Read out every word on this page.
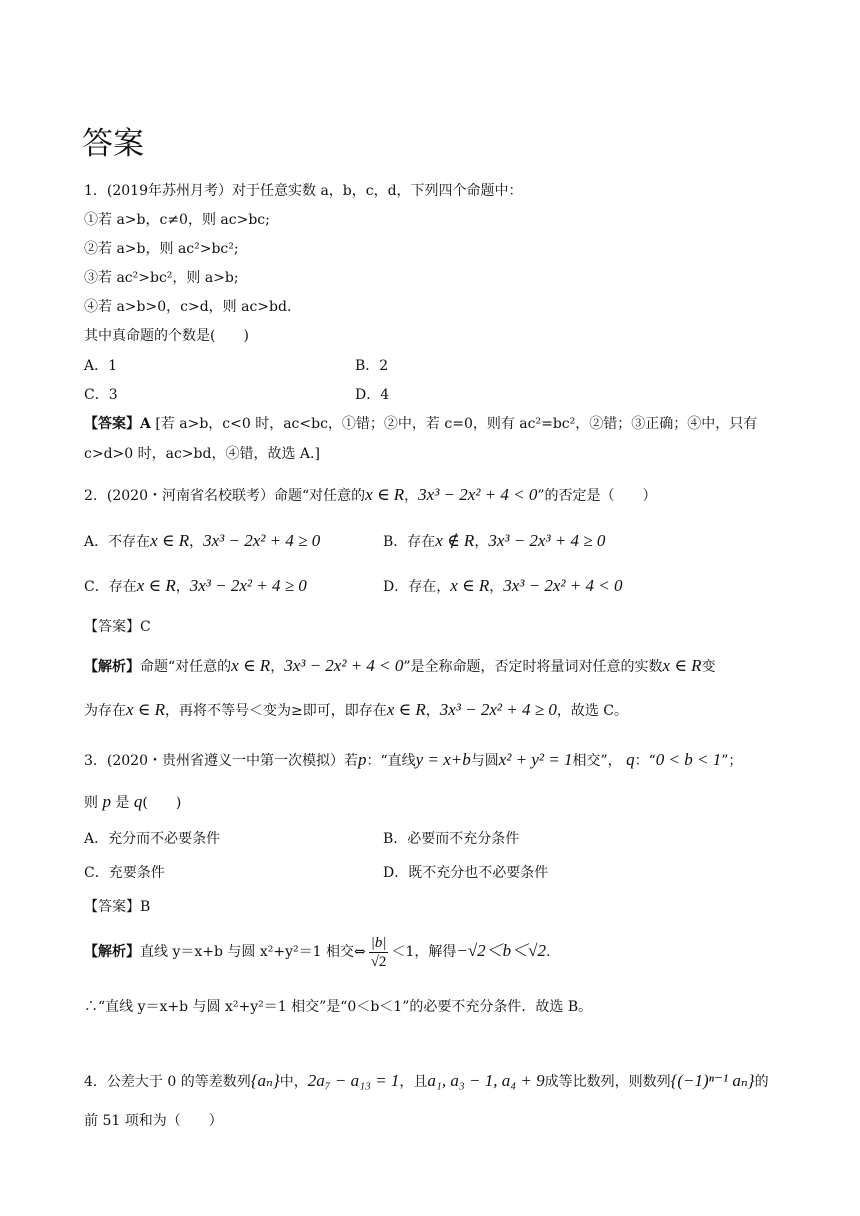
答案
1．(2019年苏州月考）对于任意实数 a，b，c，d，下列四个命题中：
①若 a>b，c≠0，则 ac>bc;
②若 a>b，则 ac²>bc²;
③若 ac²>bc²，则 a>b;
④若 a>b>0，c>d，则 ac>bd.
其中真命题的个数是(　　)
A．1	B．2
C．3	D．4
【答案】A [若 a>b，c<0 时，ac<bc，①错；②中，若 c=0，则有 ac²=bc²，②错；③正确；④中，只有
c>d>0 时，ac>bd，④错，故选 A.]
2．(2020・河南省名校联考）命题“对任意的x ∈ R，3x³ − 2x² + 4 < 0”的否定是（　　）
A．不存在x ∈ R，3x³ − 2x² + 4 ≥ 0	B．存在x ∉ R，3x³ − 2x³ + 4 ≥ 0
C．存在x ∈ R，3x³ − 2x² + 4 ≥ 0	D．存在，x ∈ R，3x³ − 2x² + 4 < 0
【答案】C
【解析】命题“对任意的x ∈ R，3x³ − 2x² + 4 < 0”是全称命题，否定时将量词对任意的实数x ∈ R变
为存在x ∈ R，再将不等号＜变为≥即可，即存在x ∈ R，3x³ − 2x² + 4 ≥ 0，故选 C。
3．(2020・贵州省遵义一中第一次模拟）若p：“直线y = x+b与圆x² + y² = 1相交”， q：“0 < b < 1”；
则 p 是 q(　　)
A．充分而不必要条件	B．必要而不充分条件
C．充要条件	D．既不充分也不必要条件
【答案】B
【解析】直线 y＝x+b 与圆 x²+y²＝1 相交⇔ $\frac{|b|}{√2} <1$，解得−√2＜b＜√2.
∴“直线 y＝x+b 与圆 x²+y²＝1 相交”是“0＜b＜1”的必要不充分条件．故选 B。
4．公差大于 0 的等差数列{aₙ}中，2a₇ − a₁₃ = 1，且a₁, a₃ − 1, a₄ + 9成等比数列，则数列{(−1)ⁿ⁻¹ aₙ}的
前 51 项和为（　　）
